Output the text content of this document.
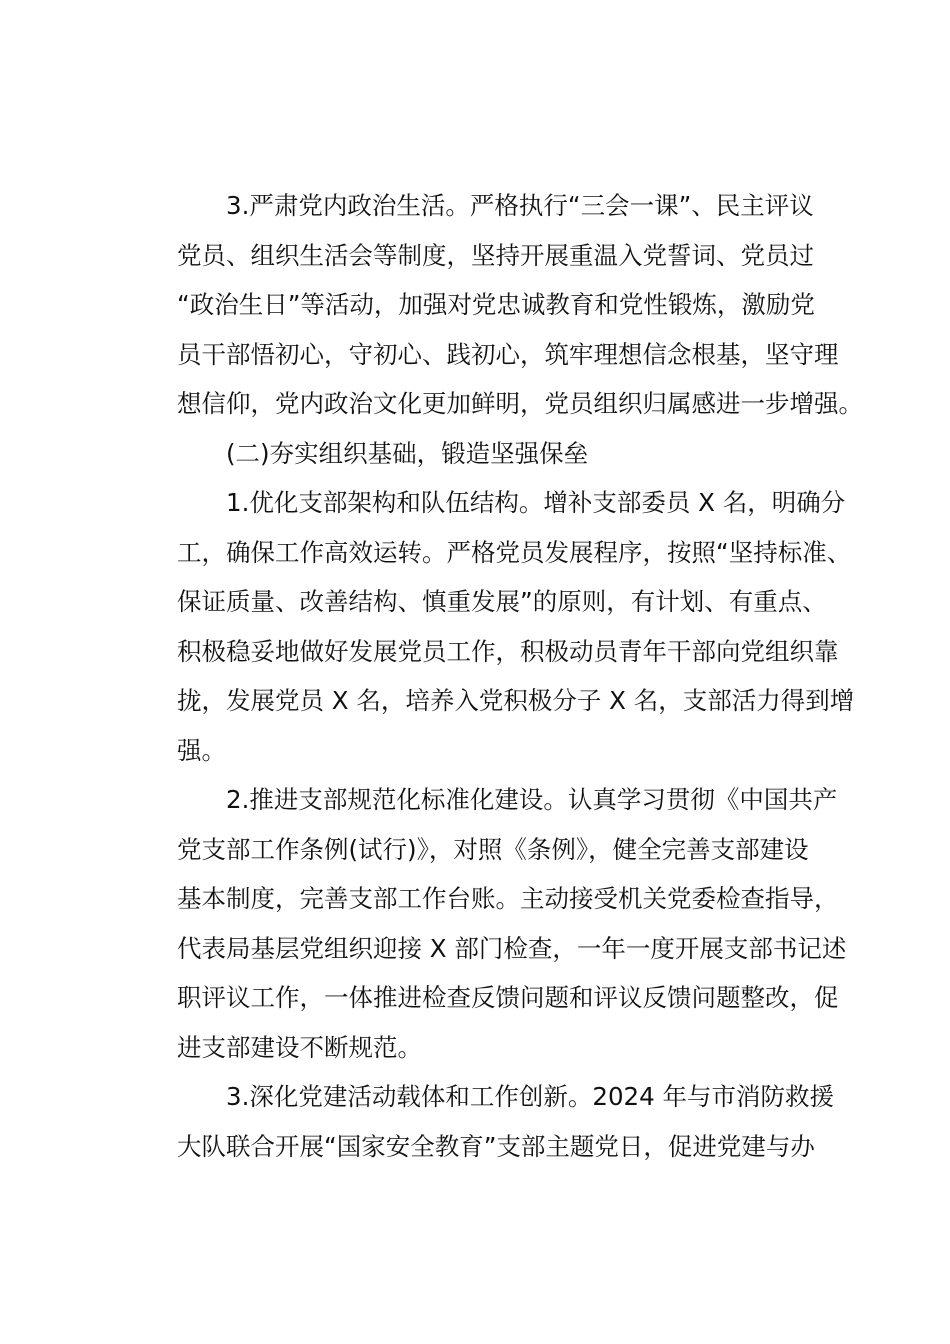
3.严肃党内政治生活。严格执行“三会一课”、民主评议
党员、组织生活会等制度，坚持开展重温入党誓词、党员过
“政治生日”等活动，加强对党忠诚教育和党性锻炼，激励党
员干部悟初心，守初心、践初心，筑牢理想信念根基，坚守理
想信仰，党内政治文化更加鲜明，党员组织归属感进一步增强。
(二)夯实组织基础，锻造坚强保垒
1.优化支部架构和队伍结构。增补支部委员 X 名，明确分
工，确保工作高效运转。严格党员发展程序，按照“坚持标准、
保证质量、改善结构、慎重发展”的原则，有计划、有重点、
积极稳妥地做好发展党员工作，积极动员青年干部向党组织靠
拢，发展党员 X 名，培养入党积极分子 X 名，支部活力得到增
强。
2.推进支部规范化标准化建设。认真学习贯彻《中国共产
党支部工作条例(试行)》，对照《条例》，健全完善支部建设
基本制度，完善支部工作台账。主动接受机关党委检查指导，
代表局基层党组织迎接 X 部门检查，一年一度开展支部书记述
职评议工作，一体推进检查反馈问题和评议反馈问题整改，促
进支部建设不断规范。
3.深化党建活动载体和工作创新。2024 年与市消防救援
大队联合开展“国家安全教育”支部主题党日，促进党建与办
